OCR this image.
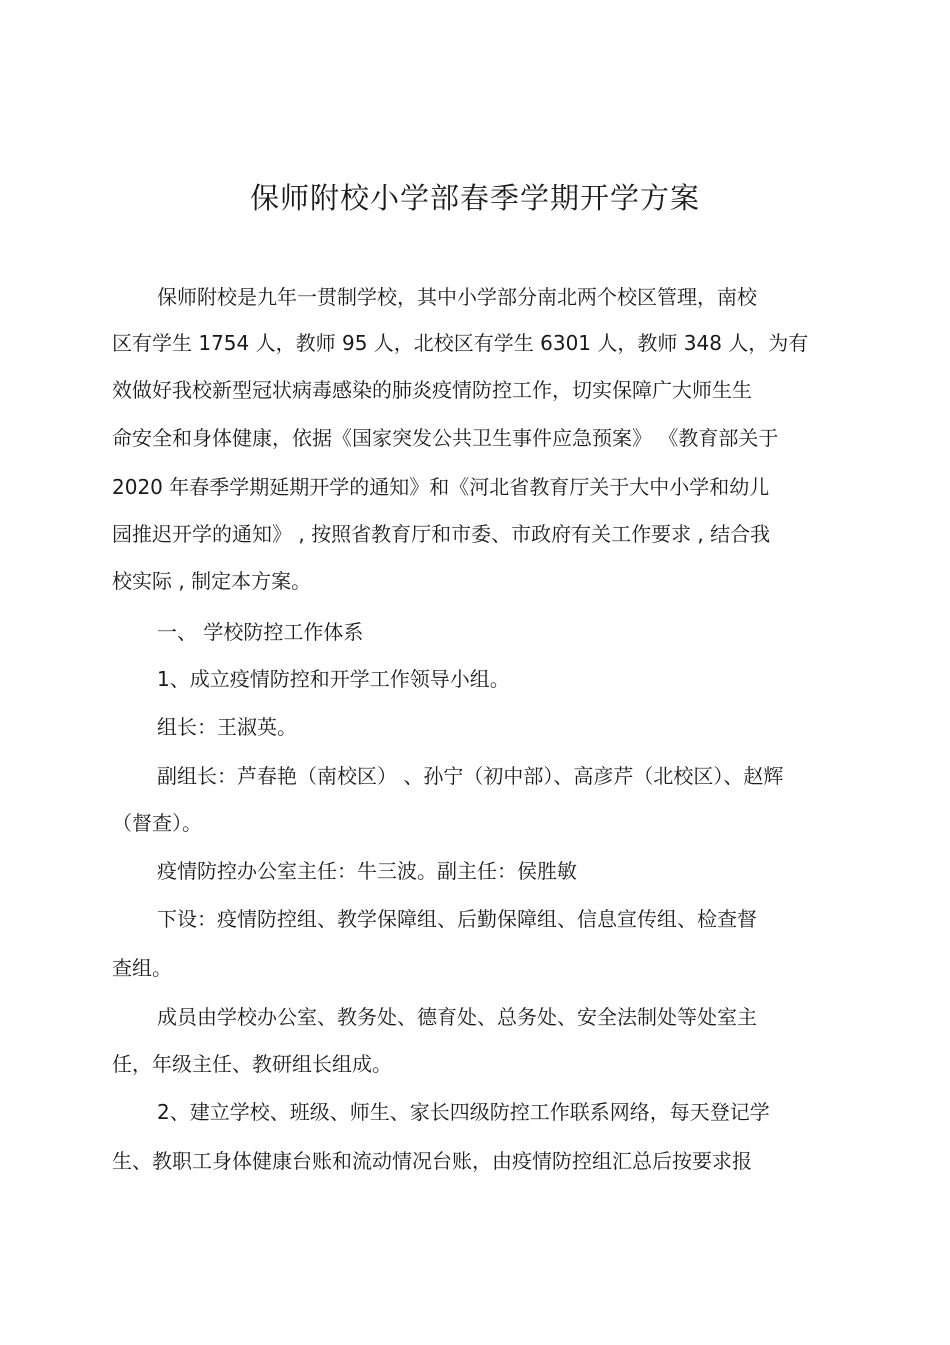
保师附校小学部春季学期开学方案
保师附校是九年一贯制学校，其中小学部分南北两个校区管理，南校
区有学生 1754 人，教师 95 人，北校区有学生 6301 人，教师 348 人，为有
效做好我校新型冠状病毒感染的肺炎疫情防控工作，切实保障广大师生生
命安全和身体健康，依据《国家突发公共卫生事件应急预案》 《教育部关于
2020 年春季学期延期开学的通知》和《河北省教育厅关于大中小学和幼儿
园推迟开学的通知》 , 按照省教育厅和市委、市政府有关工作要求 , 结合我
校实际 , 制定本方案。
一、 学校防控工作体系
1、成立疫情防控和开学工作领导小组。
组长：王淑英。
副组长：芦春艳（南校区） 、孙宁（初中部）、高彦芹（北校区）、赵辉
（督查）。
疫情防控办公室主任：牛三波。副主任：侯胜敏
下设：疫情防控组、教学保障组、后勤保障组、信息宣传组、检查督
查组。
成员由学校办公室、教务处、德育处、总务处、安全法制处等处室主
任，年级主任、教研组长组成。
2、建立学校、班级、师生、家长四级防控工作联系网络，每天登记学
生、教职工身体健康台账和流动情况台账，由疫情防控组汇总后按要求报
